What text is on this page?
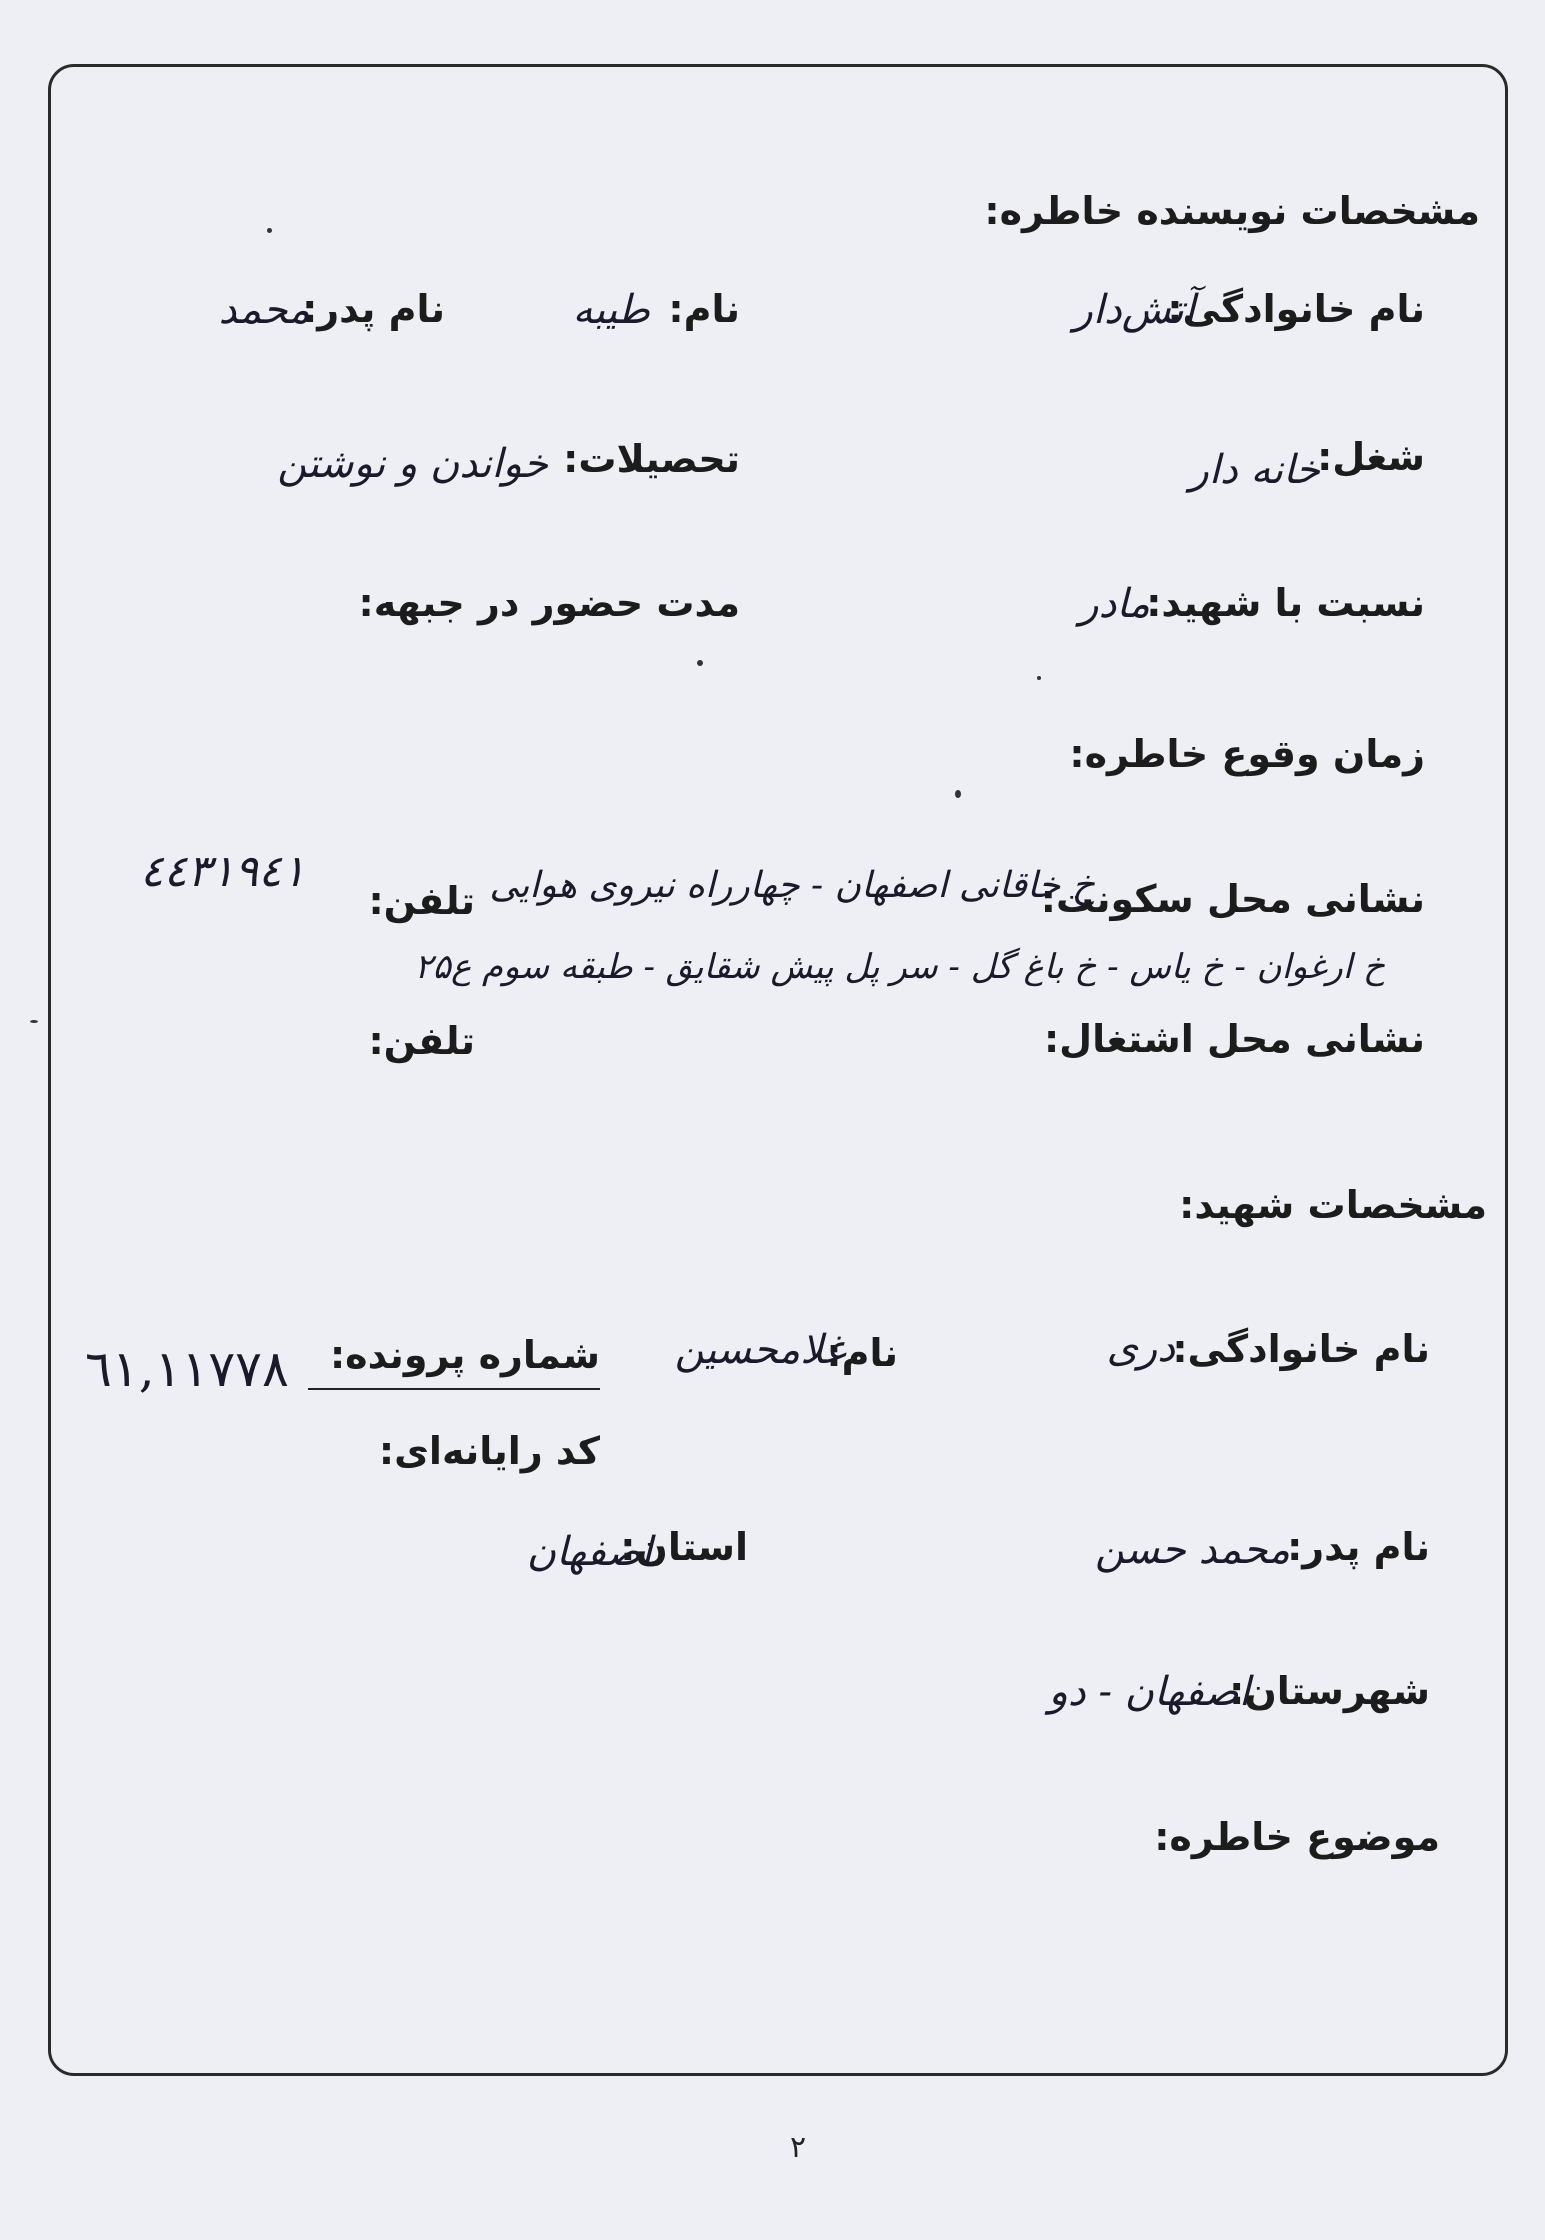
مشخصات نویسنده خاطره:
نام خانوادگی:
آتش‌دار
نام:
طیبه
نام پدر:
محمد
شغل:
خانه دار
تحصیلات:
خواندن و نوشتن
نسبت با شهید:
مادر
مدت حضور در جبهه:
زمان وقوع خاطره:
نشانی محل سکونت:
خ خاقانی اصفهان - چهارراه نیروی هوایی
تلفن:
٤٤٣١٩٤١
خ ارغوان - خ یاس - خ باغ گل - سر پل پیش شقایق - طبقه سوم ع۲۵
نشانی محل اشتغال:
تلفن:
مشخصات شهید:
نام خانوادگی:
دری
نام:
غلامحسین
شماره پرونده:
٦١,١١٧٧٨
کد رایانه‌ای:
نام پدر:
محمد حسن
استان:
اصفهان
شهرستان:
اصفهان - دو
موضوع خاطره:
۲
